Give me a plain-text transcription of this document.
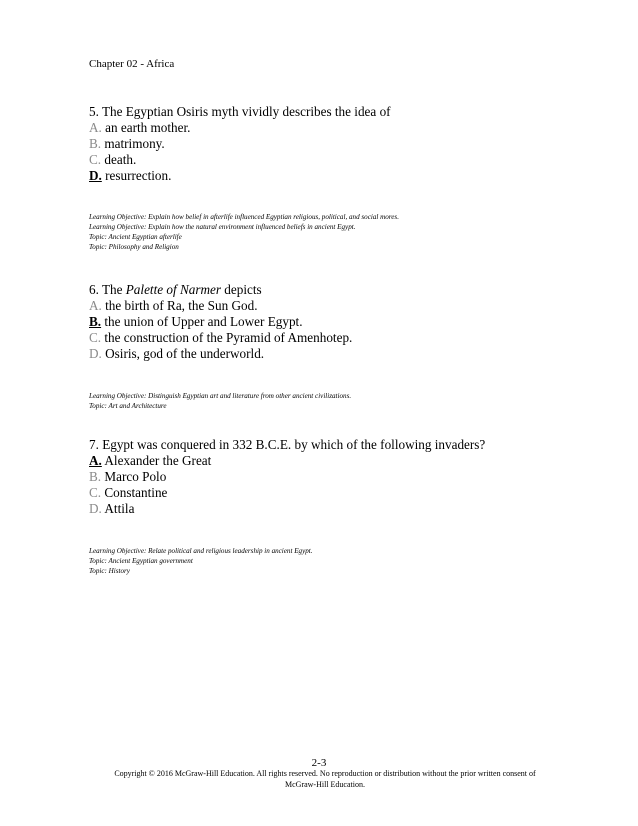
Chapter 02 - Africa
5. The Egyptian Osiris myth vividly describes the idea of
A. an earth mother.
B. matrimony.
C. death.
D. resurrection.
Learning Objective: Explain how belief in afterlife influenced Egyptian religious, political, and social mores.
Learning Objective: Explain how the natural environment influenced beliefs in ancient Egypt.
Topic: Ancient Egyptian afterlife
Topic: Philosophy and Religion
6. The Palette of Narmer depicts
A. the birth of Ra, the Sun God.
B. the union of Upper and Lower Egypt.
C. the construction of the Pyramid of Amenhotep.
D. Osiris, god of the underworld.
Learning Objective: Distinguish Egyptian art and literature from other ancient civilizations.
Topic: Art and Architecture
7. Egypt was conquered in 332 B.C.E. by which of the following invaders?
A. Alexander the Great
B. Marco Polo
C. Constantine
D. Attila
Learning Objective: Relate political and religious leadership in ancient Egypt.
Topic: Ancient Egyptian government
Topic: History
2-3
Copyright © 2016 McGraw-Hill Education. All rights reserved. No reproduction or distribution without the prior written consent of McGraw-Hill Education.
